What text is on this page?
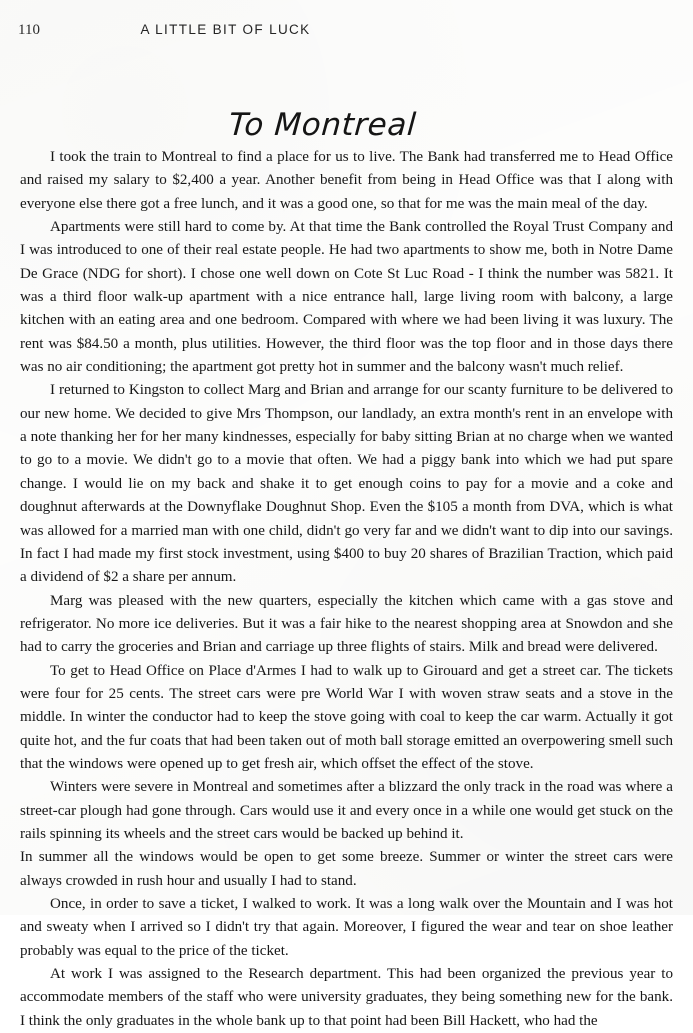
110	A LITTLE BIT OF LUCK
To Montreal

I took the train to Montreal to find a place for us to live. The Bank had transferred me to Head Office and raised my salary to $2,400 a year. Another benefit from being in Head Office was that I along with everyone else there got a free lunch, and it was a good one, so that for me was the main meal of the day.

Apartments were still hard to come by. At that time the Bank controlled the Royal Trust Company and I was introduced to one of their real estate people. He had two apartments to show me, both in Notre Dame De Grace (NDG for short). I chose one well down on Cote St Luc Road - I think the number was 5821. It was a third floor walk-up apartment with a nice entrance hall, large living room with balcony, a large kitchen with an eating area and one bedroom. Compared with where we had been living it was luxury. The rent was $84.50 a month, plus utilities. However, the third floor was the top floor and in those days there was no air conditioning; the apartment got pretty hot in summer and the balcony wasn't much relief.

I returned to Kingston to collect Marg and Brian and arrange for our scanty furniture to be delivered to our new home. We decided to give Mrs Thompson, our landlady, an extra month's rent in an envelope with a note thanking her for her many kindnesses, especially for baby sitting Brian at no charge when we wanted to go to a movie. We didn't go to a movie that often. We had a piggy bank into which we had put spare change. I would lie on my back and shake it to get enough coins to pay for a movie and a coke and doughnut afterwards at the Downyflake Doughnut Shop. Even the $105 a month from DVA, which is what was allowed for a married man with one child, didn't go very far and we didn't want to dip into our savings. In fact I had made my first stock investment, using $400 to buy 20 shares of Brazilian Traction, which paid a dividend of $2 a share per annum.

Marg was pleased with the new quarters, especially the kitchen which came with a gas stove and refrigerator. No more ice deliveries. But it was a fair hike to the nearest shopping area at Snowdon and she had to carry the groceries and Brian and carriage up three flights of stairs. Milk and bread were delivered.

To get to Head Office on Place d'Armes I had to walk up to Girouard and get a street car. The tickets were four for 25 cents. The street cars were pre World War I with woven straw seats and a stove in the middle. In winter the conductor had to keep the stove going with coal to keep the car warm. Actually it got quite hot, and the fur coats that had been taken out of moth ball storage emitted an overpowering smell such that the windows were opened up to get fresh air, which offset the effect of the stove.

Winters were severe in Montreal and sometimes after a blizzard the only track in the road was where a street-car plough had gone through. Cars would use it and every once in a while one would get stuck on the rails spinning its wheels and the street cars would be backed up behind it.

In summer all the windows would be open to get some breeze. Summer or winter the street cars were always crowded in rush hour and usually I had to stand.

Once, in order to save a ticket, I walked to work. It was a long walk over the Mountain and I was hot and sweaty when I arrived so I didn't try that again. Moreover, I figured the wear and tear on shoe leather probably was equal to the price of the ticket.

At work I was assigned to the Research department. This had been organized the previous year to accommodate members of the staff who were university graduates, they being something new for the bank. I think the only graduates in the whole bank up to that point had been Bill Hackett, who had the
